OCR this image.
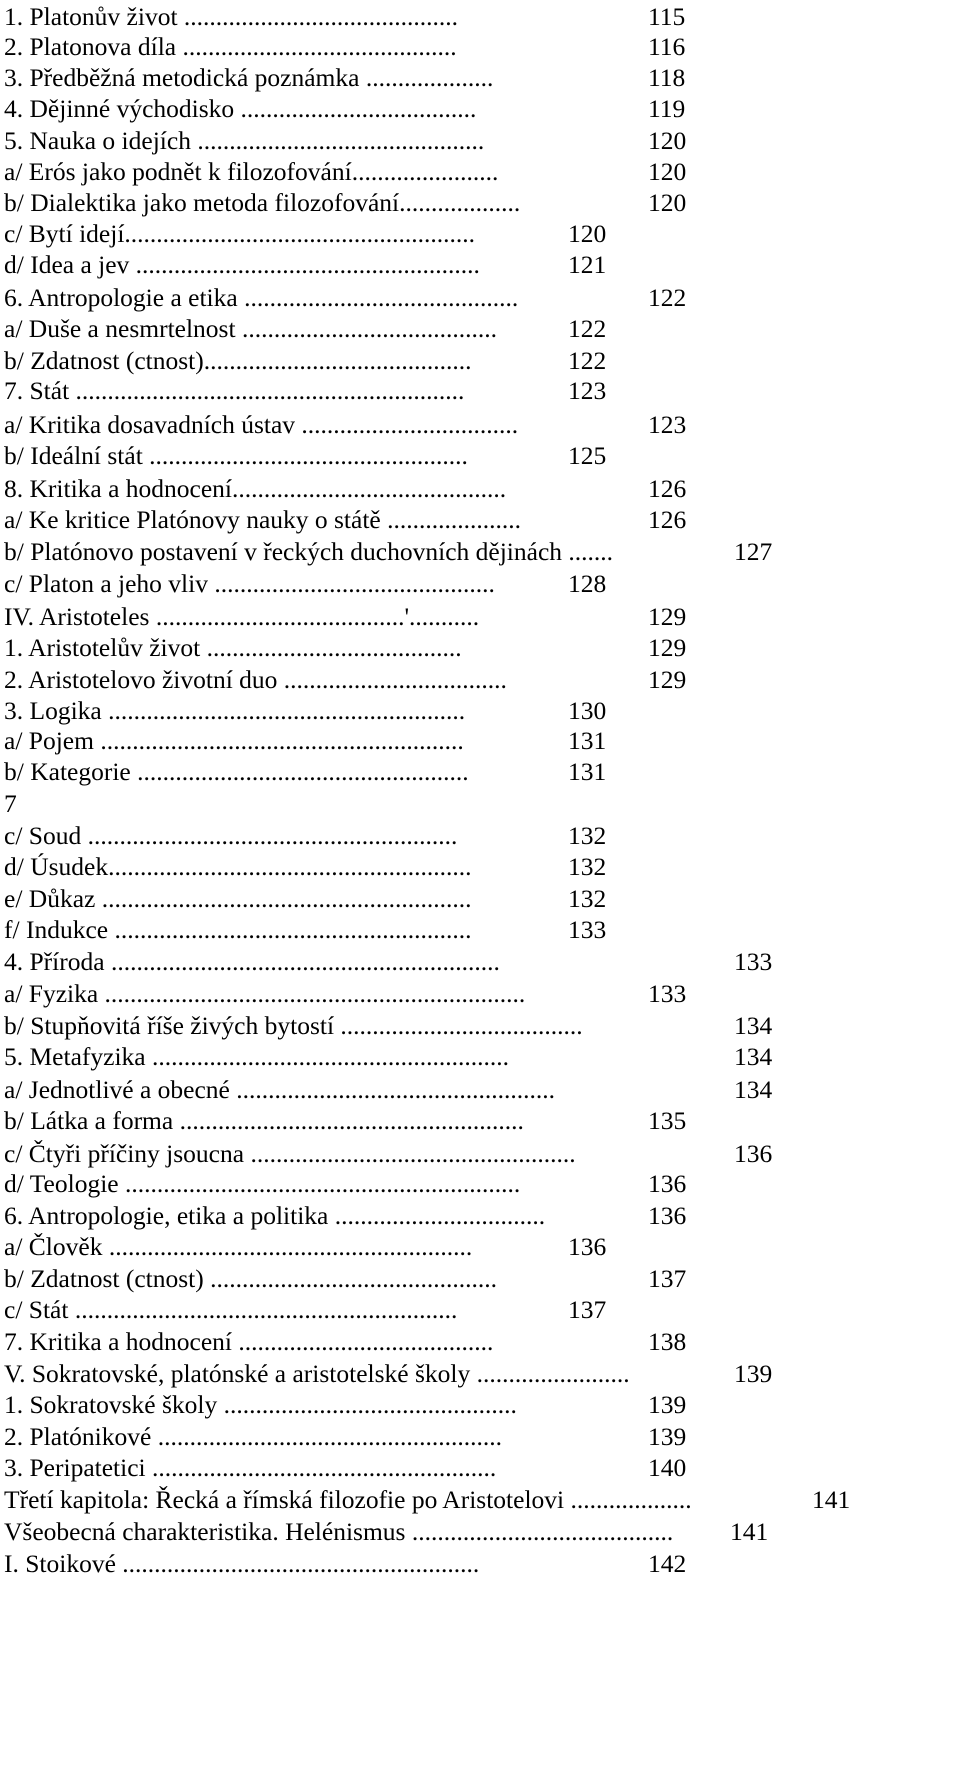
1. Platonův život ...........................................	115
2. Platonova díla ...........................................	116
3. Předběžná metodická poznámka ....................	118
4. Dějinné východisko .....................................	119
5. Nauka o idejích .............................................	120
a/ Erós jako podnět k filozofování.......................	120
b/ Dialektika jako metoda filozofování...................	120
c/ Bytí idejí.......................................................	120
d/ Idea a jev ......................................................	121
6. Antropologie a etika ...........................................	122
a/ Duše a nesmrtelnost ........................................	122
b/ Zdatnost (ctnost)..........................................	122
7. Stát .............................................................	123
a/ Kritika dosavadních ústav ..................................	123
b/ Ideální stát ..................................................	125
8. Kritika a hodnocení...........................................	126
a/ Ke kritice Platónovy nauky o státě .....................	126
b/ Platónovo postavení v řeckých duchovních dějinách .......	127
c/ Platon a jeho vliv ............................................	128
IV. Aristoteles .......................................'...........	129
1. Aristotelův život ........................................	129
2. Aristotelovo životní duo ...................................	129
3. Logika ........................................................	130
a/ Pojem .........................................................	131
b/ Kategorie ....................................................	131
7
c/ Soud ..........................................................	132
d/ Úsudek.........................................................	132
e/ Důkaz ..........................................................	132
f/ Indukce ........................................................	133
4. Příroda .............................................................	133
a/ Fyzika ..................................................................	133
b/ Stupňovitá říše živých bytostí ......................................	134
5. Metafyzika ........................................................	134
a/ Jednotlivé a obecné ..................................................	134
b/ Látka a forma ......................................................	135
c/ Čtyři příčiny jsoucna ...................................................	136
d/ Teologie ..............................................................	136
6. Antropologie, etika a politika .................................	136
a/ Člověk .........................................................	136
b/ Zdatnost (ctnost) .............................................	137
c/ Stát ............................................................	137
7. Kritika a hodnocení ........................................	138
V. Sokratovské, platónské a aristotelské školy ........................	139
1. Sokratovské školy ..............................................	139
2. Platónikové ......................................................	139
3. Peripatetici ......................................................	140
Třetí kapitola: Řecká a římská filozofie po Aristotelovi ...................	141
Všeobecná charakteristika. Helénismus .........................................	141
I. Stoikové ........................................................	142
